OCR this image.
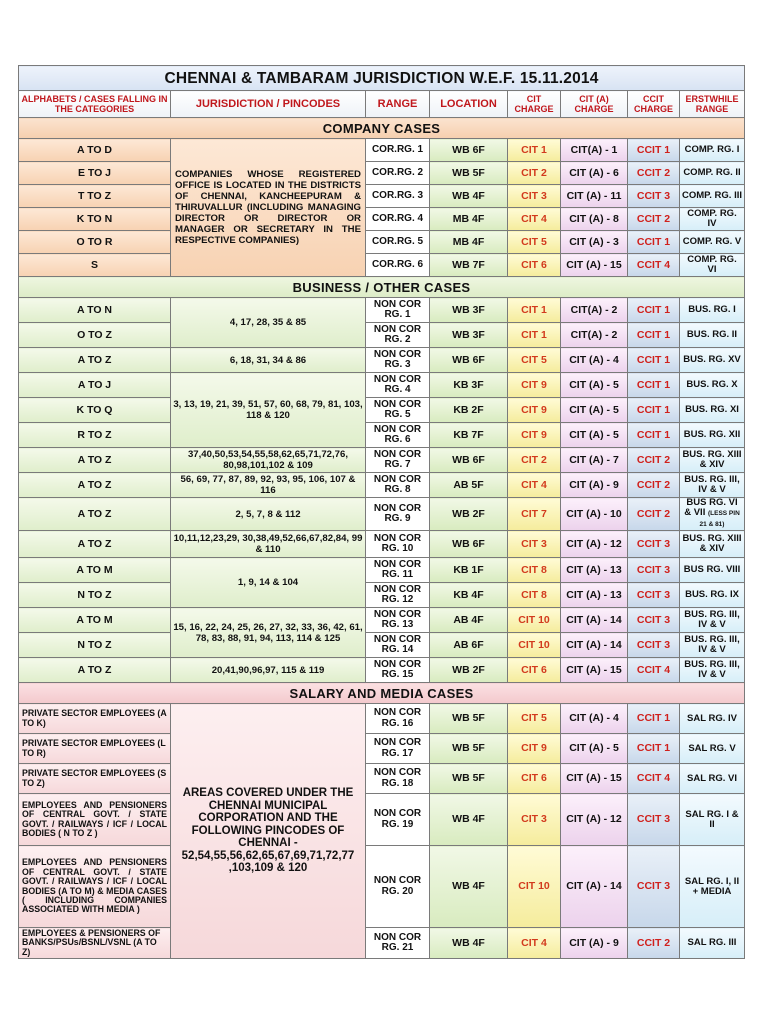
CHENNAI & TAMBARAM JURISDICTION W.E.F. 15.11.2014							
ALPHABETS / CASES FALLING IN THE CATEGORIES	JURISDICTION / PINCODES	RANGE	LOCATION	CIT CHARGE	CIT (A) CHARGE	CCIT CHARGE	ERSTWHILE RANGE
COMPANY CASES							
A TO D	COMPANIES WHOSE REGISTERED OFFICE IS LOCATED IN THE DISTRICTS OF CHENNAI, KANCHEEPURAM & THIRUVALLUR (INCLUDING MANAGING DIRECTOR OR DIRECTOR OR MANAGER OR SECRETARY IN THE RESPECTIVE COMPANIES)	COR.RG. 1	WB 6F	CIT 1	CIT(A) - 1	CCIT 1	COMP. RG. I
E TO J		COR.RG. 2	WB 5F	CIT 2	CIT (A) - 6	CCIT 2	COMP. RG. II
T TO Z		COR.RG. 3	WB 4F	CIT 3	CIT (A) - 11	CCIT 3	COMP. RG. III
K TO N		COR.RG. 4	MB 4F	CIT 4	CIT (A) - 8	CCIT 2	COMP. RG. IV
O TO R		COR.RG. 5	MB 4F	CIT 5	CIT (A) - 3	CCIT 1	COMP. RG. V
S		COR.RG. 6	WB 7F	CIT 6	CIT (A) - 15	CCIT 4	COMP. RG. VI
BUSINESS / OTHER CASES							
A TO N	4, 17, 28, 35 & 85	NON COR RG. 1	WB 3F	CIT 1	CIT(A) - 2	CCIT 1	BUS. RG. I
O TO Z		NON COR RG. 2	WB 3F	CIT 1	CIT(A) - 2	CCIT 1	BUS. RG. II
A TO Z	6, 18, 31, 34 & 86	NON COR RG. 3	WB 6F	CIT 5	CIT (A) - 4	CCIT 1	BUS. RG. XV
A TO J	3, 13, 19, 21, 39, 51, 57, 60, 68, 79, 81, 103, 118 & 120	NON COR RG. 4	KB 3F	CIT 9	CIT (A) - 5	CCIT 1	BUS. RG. X
K TO Q		NON COR RG. 5	KB 2F	CIT 9	CIT (A) - 5	CCIT 1	BUS. RG. XI
R TO Z		NON COR RG. 6	KB 7F	CIT 9	CIT (A) - 5	CCIT 1	BUS. RG. XII
A TO Z	37,40,50,53,54,55,58,62,65,71,72,76, 80,98,101,102 & 109	NON COR RG. 7	WB 6F	CIT 2	CIT (A) - 7	CCIT 2	BUS. RG. XIII & XIV
A TO Z	56, 69, 77, 87, 89, 92, 93, 95, 106, 107 & 116	NON COR RG. 8	AB 5F	CIT 4	CIT (A) - 9	CCIT 2	BUS. RG. III, IV & V
A TO Z	2, 5, 7, 8 & 112	NON COR RG. 9	WB 2F	CIT 7	CIT (A) - 10	CCIT 2	BUS RG. VI & VII (LESS PIN 21 & 81)
A TO Z	10,11,12,23,29, 30,38,49,52,66,67,82,84, 99 & 110	NON COR RG. 10	WB 6F	CIT 3	CIT (A) - 12	CCIT 3	BUS. RG. XIII & XIV
A TO M	1, 9, 14 & 104	NON COR RG. 11	KB 1F	CIT 8	CIT (A) - 13	CCIT 3	BUS RG. VIII
N TO Z		NON COR RG. 12	KB 4F	CIT 8	CIT (A) - 13	CCIT 3	BUS. RG. IX
A TO M	15, 16, 22, 24, 25, 26, 27, 32, 33, 36, 42, 61, 78, 83, 88, 91, 94, 113, 114 & 125	NON COR RG. 13	AB 4F	CIT 10	CIT (A) - 14	CCIT 3	BUS. RG. III, IV & V
N TO Z		NON COR RG. 14	AB 6F	CIT 10	CIT (A) - 14	CCIT 3	BUS. RG. III, IV & V
A TO Z	20,41,90,96,97, 115 & 119	NON COR RG. 15	WB 2F	CIT 6	CIT (A) - 15	CCIT 4	BUS. RG. III, IV & V
SALARY AND MEDIA CASES							
PRIVATE SECTOR EMPLOYEES (A TO K)	AREAS COVERED UNDER THE CHENNAI MUNICIPAL CORPORATION AND THE FOLLOWING PINCODES OF CHENNAI - 52,54,55,56,62,65,67,69,71,72,77 ,103,109 & 120	NON COR RG. 16	WB 5F	CIT 5	CIT (A) - 4	CCIT 1	SAL RG. IV
PRIVATE SECTOR EMPLOYEES (L TO R)		NON COR RG. 17	WB 5F	CIT 9	CIT (A) - 5	CCIT 1	SAL RG. V
PRIVATE SECTOR EMPLOYEES (S TO Z)		NON COR RG. 18	WB 5F	CIT 6	CIT (A) - 15	CCIT 4	SAL RG. VI
EMPLOYEES AND PENSIONERS OF CENTRAL GOVT. / STATE GOVT. / RAILWAYS / ICF / LOCAL BODIES ( N TO Z )		NON COR RG. 19	WB 4F	CIT 3	CIT (A) - 12	CCIT 3	SAL RG. I & II
EMPLOYEES AND PENSIONERS OF CENTRAL GOVT. / STATE GOVT. / RAILWAYS / ICF / LOCAL BODIES (A TO M) & MEDIA CASES ( INCLUDING COMPANIES ASSOCIATED WITH MEDIA )		NON COR RG. 20	WB 4F	CIT 10	CIT (A) - 14	CCIT 3	SAL RG. I, II + MEDIA
EMPLOYEES & PENSIONERS OF BANKS/PSUs/BSNL/VSNL (A TO Z)		NON COR RG. 21	WB 4F	CIT 4	CIT (A) - 9	CCIT 2	SAL RG. III
